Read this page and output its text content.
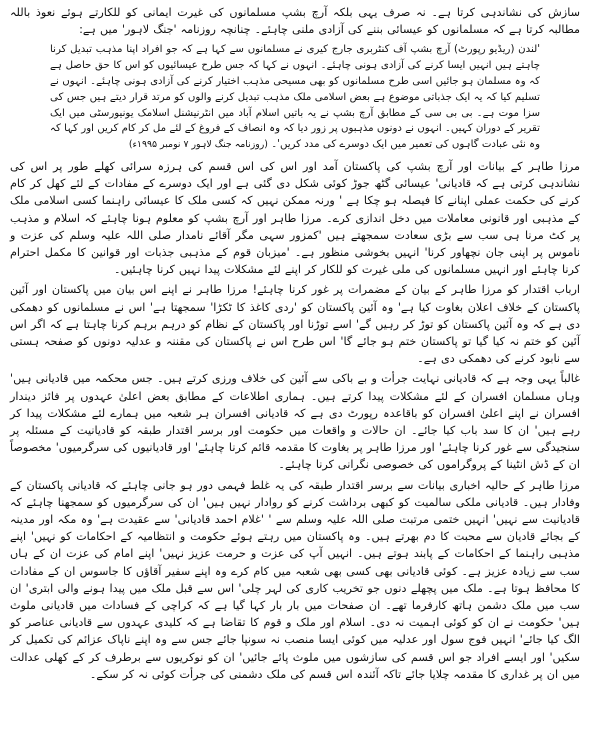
سازش کی نشاندہی کرتا ہے۔ نہ صرف یہی بلکہ آرچ بشپ مسلمانوں کی غیرت ایمانی کو للکارتے ہوئے نعوذ باللہ مطالبہ کرتا ہے کہ مسلمانوں کو عیسائی بننے کی آزادی ملنی چاہئے۔ چنانچہ روزنامہ 'جنگ لاہور' میں ہے:

'لندن (ریڈیو رپورٹ) آرچ بشپ آف کنٹربری جارج کیری نے مسلمانوں سے کہا ہے کہ جو افراد اپنا مذہب تبدیل کرنا چاہتے ہیں انہیں ایسا کرنے کی آزادی ہونی چاہئے۔ انہوں نے کہا کہ جس طرح عیسائیوں کو اس کا حق حاصل ہے کہ وہ مسلمان ہو جائیں اسی طرح مسلمانوں کو بھی مسیحی مذہب اختیار کرنے کی آزادی ہونی چاہئے۔ انہوں نے تسلیم کیا کہ یہ ایک جذباتی موضوع ہے بعض اسلامی ملک مذہب تبدیل کرنے والوں کو مرتد قرار دیتے ہیں جس کی سزا موت ہے۔ بی بی سی کے مطابق آرچ بشپ نے یہ باتیں اسلام آباد میں انٹرنیشنل اسلامک یونیورسٹی میں ایک تقریر کے دوران کہیں۔ انہوں نے دونوں مذہبوں پر زور دیا کہ وہ انصاف کے فروغ کے لئے مل کر کام کریں اور کہا کہ وہ نئی عبادت گاہوں کی تعمیر میں ایک دوسرے کی مدد کریں'۔ (روزنامہ جنگ لاہور ۷ نومبر ۱۹۹۵ء)

مرزا طاہر کے بیانات اور آرچ بشپ کی پاکستان آمد اور اس کی اس قسم کی ہرزہ سرائی کھلے طور پر اس کی نشاندہی کرتی ہے کہ قادیانی' عیسائی گٹھ جوڑ کوئی شکل دی گئی ہے اور ایک دوسرے کے مفادات کے لئے کھل کر کام کرنے کی حکمت عملی اپنانے کا فیصلہ ہو چکا ہے ' ورنہ ممکن نہیں کہ کسی ملک کا عیسائی راہنما کسی اسلامی ملک کے مذہبی اور قانونی معاملات میں دخل اندازی کرے۔ مرزا طاہر اور آرچ بشپ کو معلوم ہونا چاہئے کہ اسلام و مذہب پر کٹ مرنا ہی سب سے بڑی سعادت سمجھتے ہیں 'کمزور سہی مگر آقائے نامدار صلی اللہ علیہ وسلم کی عزت و ناموس پر اپنی جان نچھاور کرنا' انہیں بخوشی منظور ہے۔ 'میزبان قوم کے مذہبی جذبات اور قوانین کا مکمل احترام کرنا چاہئے اور انہیں مسلمانوں کی ملی غیرت کو للکار کر اپنے لئے مشکلات پیدا نہیں کرنا چاہئیں۔

ارباب اقتدار کو مرزا طاہر کے بیان کے مضمرات پر غور کرنا چاہئے! مرزا طاہر نے اپنے اس بیان میں پاکستان اور آئین پاکستان کے خلاف اعلان بغاوت کیا ہے' وہ آئین پاکستان کو 'ردی کاغذ کا ٹکڑا' سمجھتا ہے' اس نے مسلمانوں کو دھمکی دی ہے کہ وہ آئین پاکستان کو توڑ کر رہیں گے' اسے توڑنا اور پاکستان کے نظام کو درہم برہم کرنا چاہتا ہے کہ اگر اس آئین کو ختم نہ کیا گیا تو پاکستان ختم ہو جائے گا' اس طرح اس نے پاکستان کی مقننہ و عدلیہ دونوں کو صفحہ ہستی سے نابود کرنے کی دھمکی دی ہے۔

غالباً یہی وجہ ہے کہ قادیانی نہایت جرأت و بے باکی سے آئین کی خلاف ورزی کرتے ہیں۔ جس محکمہ میں قادیانی ہیں' وہاں مسلمان افسران کے لئے مشکلات پیدا کرتے ہیں۔ ہماری اطلاعات کے مطابق بعض اعلیٰ عہدوں پر فائز دیندار افسران نے اپنے اعلیٰ افسران کو باقاعدہ رپورٹ دی ہے کہ قادیانی افسران ہر شعبہ میں ہمارے لئے مشکلات پیدا کر رہے ہیں' ان کا سد باب کیا جائے۔ ان حالات و واقعات میں حکومت اور برسر اقتدار طبقہ کو قادیانیت کے مسئلہ پر سنجیدگی سے غور کرنا چاہئے' اور مرزا طاہر پر بغاوت کا مقدمہ قائم کرنا چاہئے' اور قادیانیوں کی سرگرمیوں' مخصوصاً ان کے ڈش انٹینا کے پروگراموں کی خصوصی نگرانی کرنا چاہئے۔

مرزا طاہر کے حالیہ اخباری بیانات سے برسر اقتدار طبقہ کی یہ غلط فہمی دور ہو جانی چاہئے کہ قادیانی پاکستان کے وفادار ہیں۔ قادیانی ملکی سالمیت کو کبھی برداشت کرنے کو روادار نہیں ہیں' ان کی سرگرمیوں کو سمجھنا چاہئے کہ قادیانیت سے نہیں' انہیں ختمی مرتبت صلی اللہ علیہ وسلم سے ' 'غلام احمد قادیانی' سے عقیدت ہے' وہ مکہ اور مدینہ کے بجائے قادیان سے محبت کا دم بھرتے ہیں۔ وہ پاکستان میں رہتے ہوئے حکومت و انتظامیہ کے احکامات کو نہیں' اپنے مذہبی راہنما کے احکامات کے پابند ہوتے ہیں۔ انہیں آپ کی عزت و حرمت عزیز نہیں' اپنے امام کی عزت ان کے ہاں سب سے زیادہ عزیز ہے۔ کوئی قادیانی بھی کسی بھی شعبہ میں کام کرے وہ اپنے سفیر آقاؤں کا جاسوس ان کے مفادات کا محافظ ہوتا ہے۔ ملک میں پچھلے دنوں جو تخریب کاری کی لہر چلی' اس سے قبل ملک میں پیدا ہونے والی ابتری' ان سب میں ملک دشمن ہاتھ کارفرما تھے۔ ان صفحات میں بار بار کہا گیا ہے کہ کراچی کے فسادات میں قادیانی ملوث ہیں' حکومت نے ان کو کوئی اہمیت نہ دی۔ اسلام اور ملک و قوم کا تقاضا ہے کہ کلیدی عہدوں سے قادیانی عناصر کو الگ کیا جائے' انہیں فوج سول اور عدلیہ میں کوئی ایسا منصب نہ سونپا جائے جس سے وہ اپنے ناپاک عزائم کی تکمیل کر سکیں' اور ایسے افراد جو اس قسم کی سازشوں میں ملوث پائے جائیں' ان کو نوکریوں سے برطرف کر کے کھلی عدالت میں ان پر غداری کا مقدمہ چلایا جائے تاکہ آئندہ اس قسم کی ملک دشمنی کی جرأت کوئی نہ کر سکے۔
